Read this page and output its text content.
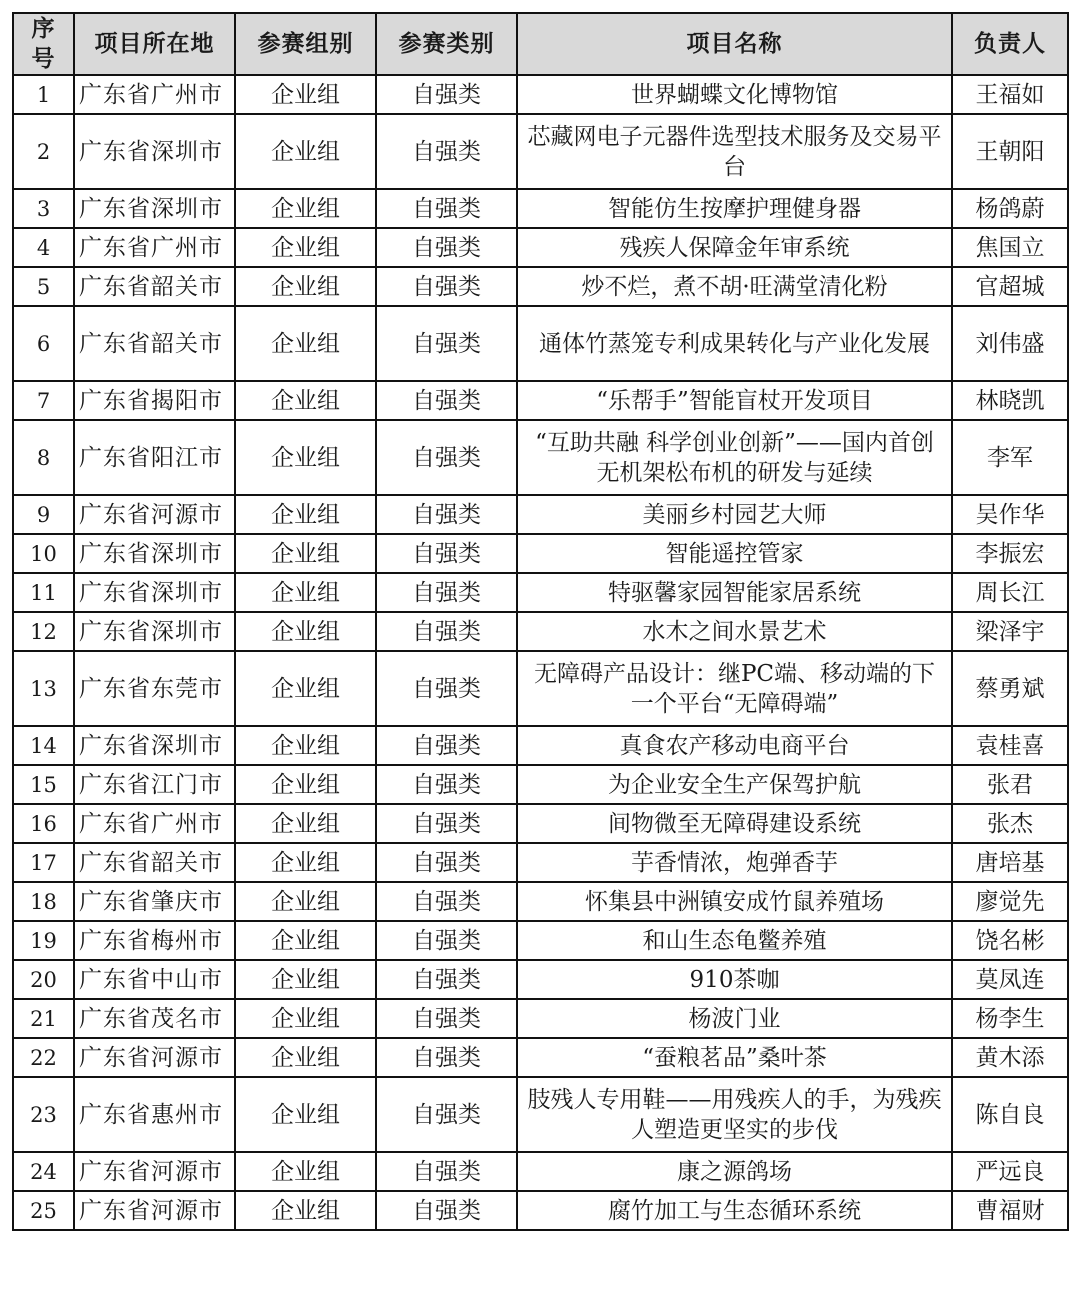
序号	项目所在地	参赛组别	参赛类别	项目名称	负责人
1	广东省广州市	企业组	自强类	世界蝴蝶文化博物馆	王福如
2	广东省深圳市	企业组	自强类	芯藏网电子元器件选型技术服务及交易平台	王朝阳
3	广东省深圳市	企业组	自强类	智能仿生按摩护理健身器	杨鸽蔚
4	广东省广州市	企业组	自强类	残疾人保障金年审系统	焦国立
5	广东省韶关市	企业组	自强类	炒不烂，煮不胡·旺满堂清化粉	官超城
6	广东省韶关市	企业组	自强类	通体竹蒸笼专利成果转化与产业化发展	刘伟盛
7	广东省揭阳市	企业组	自强类	“乐帮手”智能盲杖开发项目	林晓凯
8	广东省阳江市	企业组	自强类	“互助共融 科学创业创新”——国内首创无机架松布机的研发与延续	李军
9	广东省河源市	企业组	自强类	美丽乡村园艺大师	吴作华
10	广东省深圳市	企业组	自强类	智能遥控管家	李振宏
11	广东省深圳市	企业组	自强类	特驱馨家园智能家居系统	周长江
12	广东省深圳市	企业组	自强类	水木之间水景艺术	梁泽宇
13	广东省东莞市	企业组	自强类	无障碍产品设计：继PC端、移动端的下一个平台“无障碍端”	蔡勇斌
14	广东省深圳市	企业组	自强类	真食农产移动电商平台	袁桂喜
15	广东省江门市	企业组	自强类	为企业安全生产保驾护航	张君
16	广东省广州市	企业组	自强类	间物微至无障碍建设系统	张杰
17	广东省韶关市	企业组	自强类	芋香情浓，炮弹香芋	唐培基
18	广东省肇庆市	企业组	自强类	怀集县中洲镇安成竹鼠养殖场	廖觉先
19	广东省梅州市	企业组	自强类	和山生态龟鳖养殖	饶名彬
20	广东省中山市	企业组	自强类	910茶咖	莫凤连
21	广东省茂名市	企业组	自强类	杨波门业	杨李生
22	广东省河源市	企业组	自强类	“蚕粮茗品”桑叶茶	黄木添
23	广东省惠州市	企业组	自强类	肢残人专用鞋——用残疾人的手，为残疾人塑造更坚实的步伐	陈自良
24	广东省河源市	企业组	自强类	康之源鸽场	严远良
25	广东省河源市	企业组	自强类	腐竹加工与生态循环系统	曹福财
